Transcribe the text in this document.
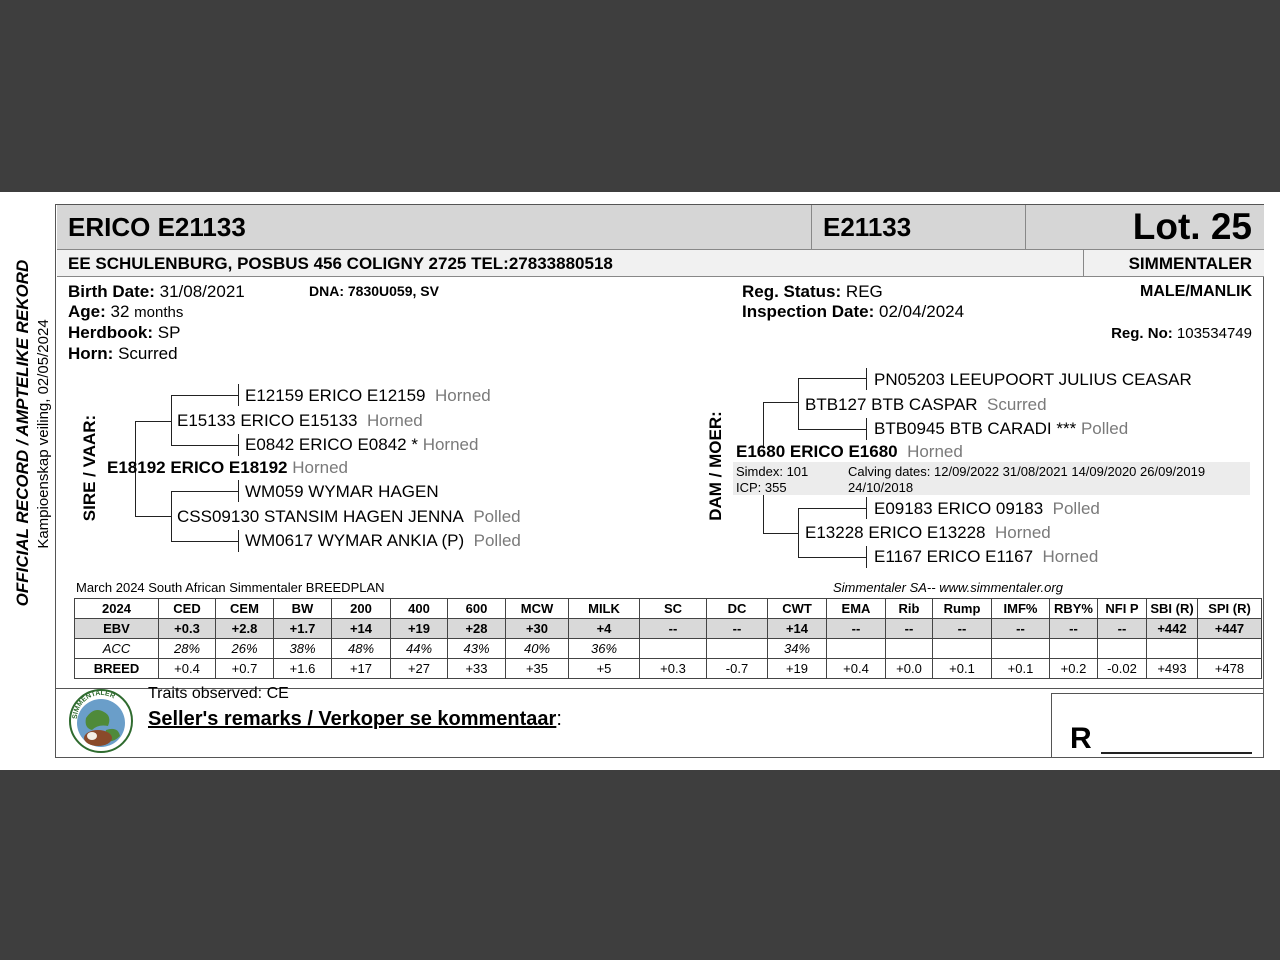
OFFICIAL RECORD / AMPTELIKE REKORD Kampioenskap veiling, 02/05/2024
ERICO E21133	E21133	Lot. 25
EE SCHULENBURG, POSBUS 456 COLIGNY 2725 TEL:27833880518	SIMMENTALER
Birth Date: 31/08/2021	DNA: 7830U059, SV
Age: 32 months
Herdbook: SP
Horn: Scurred
Reg. Status: REG
Inspection Date: 02/04/2024
MALE/MANLIK
Reg. No: 103534749
SIRE / VAAR:
E12159 ERICO E12159 Horned
E15133 ERICO E15133 Horned
E0842 ERICO E0842 * Horned
E18192 ERICO E18192 Horned
WM059 WYMAR HAGEN
CSS09130 STANSIM HAGEN JENNA Polled
WM0617 WYMAR ANKIA (P) Polled
DAM / MOER:
PN05203 LEEUPOORT JULIUS CEASAR
BTB127 BTB CASPAR Scurred
BTB0945 BTB CARADI *** Polled
E1680 ERICO E1680 Horned
Simdex: 101
ICP: 355
Calving dates: 12/09/2022 31/08/2021 14/09/2020 26/09/2019
24/10/2018
E09183 ERICO 09183 Polled
E13228 ERICO E13228 Horned
E1167 ERICO E1167 Horned
March 2024 South African Simmentaler BREEDPLAN	Simmentaler SA-- www.simmentaler.org
2024	CED	CEM	BW	200	400	600	MCW	MILK	SC	DC	CWT	EMA	Rib	Rump	IMF%	RBY%	NFI P	SBI (R)	SPI (R)
EBV	+0.3	+2.8	+1.7	+14	+19	+28	+30	+4	--	--	+14	--	--	--	--	--	--	+442	+447
ACC	28%	26%	38%	48%	44%	43%	40%	36%			34%								
BREED	+0.4	+0.7	+1.6	+17	+27	+33	+35	+5	+0.3	-0.7	+19	+0.4	+0.0	+0.1	+0.1	+0.2	-0.02	+493	+478
SIMMENTALER Traits observed: CE
Seller's remarks / Verkoper se kommentaar:
R
